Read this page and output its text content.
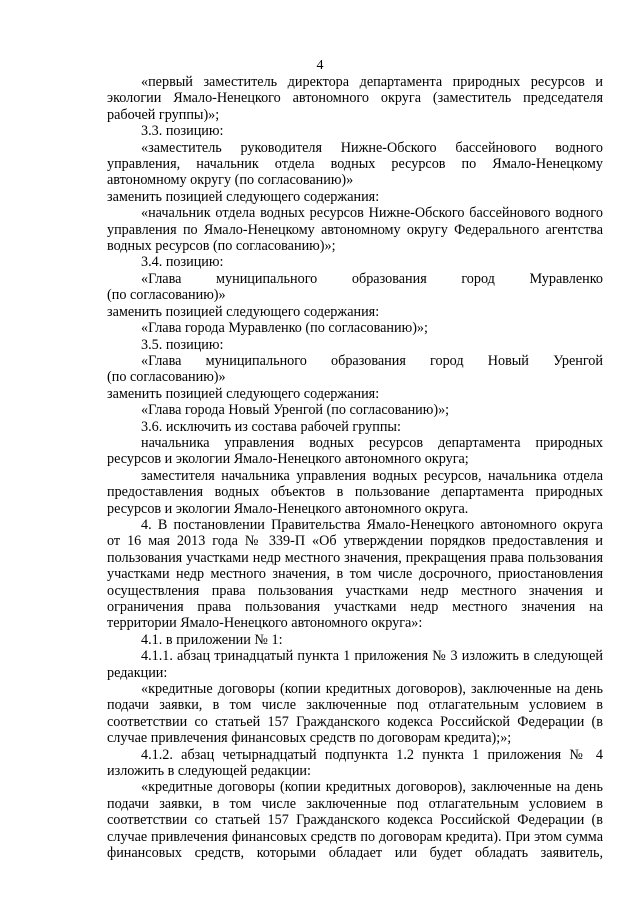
4

«первый заместитель директора департамента природных ресурсов и экологии Ямало-Ненецкого автономного округа (заместитель председателя рабочей группы)»;

3.3. позицию:

«заместитель руководителя Нижне-Обского бассейнового водного управления, начальник отдела водных ресурсов по Ямало-Ненецкому автономному округу (по согласованию)»

заменить позицией следующего содержания:

«начальник отдела водных ресурсов Нижне-Обского бассейнового водного управления по Ямало-Ненецкому автономному округу Федерального агентства водных ресурсов (по согласованию)»;

3.4. позицию:

«Глава муниципального образования город Муравленко

(по согласованию)»

заменить позицией следующего содержания:

«Глава города Муравленко (по согласованию)»;

3.5. позицию:

«Глава муниципального образования город Новый Уренгой

(по согласованию)»

заменить позицией следующего содержания:

«Глава города Новый Уренгой (по согласованию)»;

3.6. исключить из состава рабочей группы:

начальника управления водных ресурсов департамента природных ресурсов и экологии Ямало-Ненецкого автономного округа;

заместителя начальника управления водных ресурсов, начальника отдела предоставления водных объектов в пользование департамента природных ресурсов и экологии Ямало-Ненецкого автономного округа.

4. В постановлении Правительства Ямало-Ненецкого автономного округа от 16 мая 2013 года № 339-П «Об утверждении порядков предоставления и пользования участками недр местного значения, прекращения права пользования участками недр местного значения, в том числе досрочного, приостановления осуществления права пользования участками недр местного значения и ограничения права пользования участками недр местного значения на территории Ямало-Ненецкого автономного округа»:

4.1. в приложении № 1:

4.1.1. абзац тринадцатый пункта 1 приложения № 3 изложить в следующей редакции:

«кредитные договоры (копии кредитных договоров), заключенные на день подачи заявки, в том числе заключенные под отлагательным условием в соответствии со статьей 157 Гражданского кодекса Российской Федерации (в случае привлечения финансовых средств по договорам кредита);»;

4.1.2. абзац четырнадцатый подпункта 1.2 пункта 1 приложения № 4 изложить в следующей редакции:

«кредитные договоры (копии кредитных договоров), заключенные на день подачи заявки, в том числе заключенные под отлагательным условием в соответствии со статьей 157 Гражданского кодекса Российской Федерации (в случае привлечения финансовых средств по договорам кредита). При этом сумма финансовых средств, которыми обладает или будет обладать заявитель,
